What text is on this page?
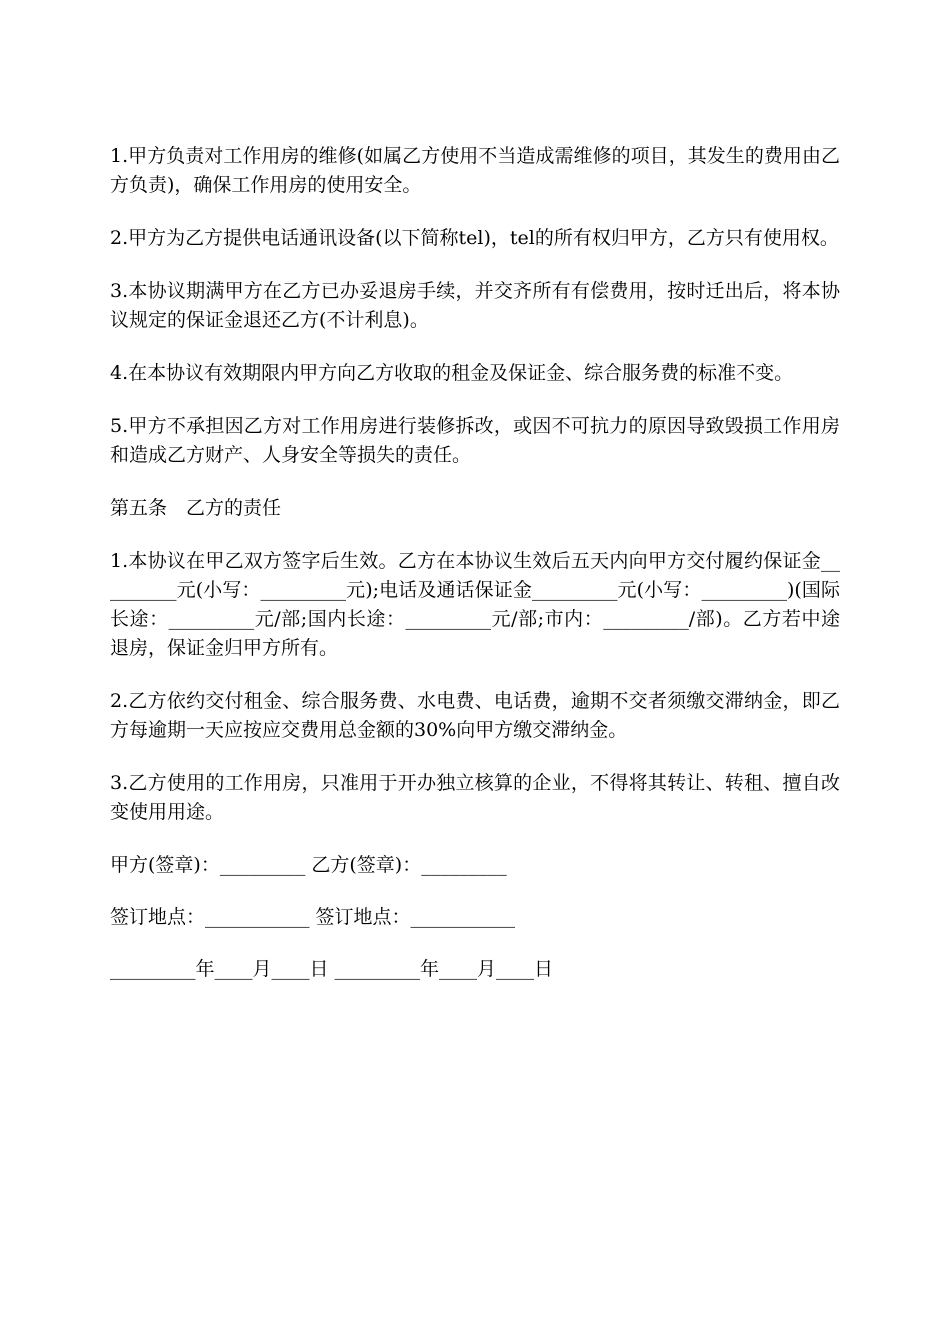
1.甲方负责对工作用房的维修(如属乙方使用不当造成需维修的项目，其发生的费用由乙方负责)，确保工作用房的使用安全。

2.甲方为乙方提供电话通讯设备(以下简称tel)，tel的所有权归甲方，乙方只有使用权。

3.本协议期满甲方在乙方已办妥退房手续，并交齐所有有偿费用，按时迁出后，将本协议规定的保证金退还乙方(不计利息)。

4.在本协议有效期限内甲方向乙方收取的租金及保证金、综合服务费的标准不变。

5.甲方不承担因乙方对工作用房进行装修拆改，或因不可抗力的原因导致毁损工作用房和造成乙方财产、人身安全等损失的责任。

第五条　乙方的责任

1.本协议在甲乙双方签字后生效。乙方在本协议生效后五天内向甲方交付履约保证金_________元(小写：_________元);电话及通话保证金_________元(小写：_________)(国际长途：_________元/部;国内长途：_________元/部;市内：_________/部)。乙方若中途退房，保证金归甲方所有。

2.乙方依约交付租金、综合服务费、水电费、电话费，逾期不交者须缴交滞纳金，即乙方每逾期一天应按应交费用总金额的30%向甲方缴交滞纳金。

3.乙方使用的工作用房，只准用于开办独立核算的企业，不得将其转让、转租、擅自改变使用用途。

甲方(签章)：_________ 乙方(签章)：_________

签订地点：___________ 签订地点：___________

_________年____月____日 _________年____月____日
